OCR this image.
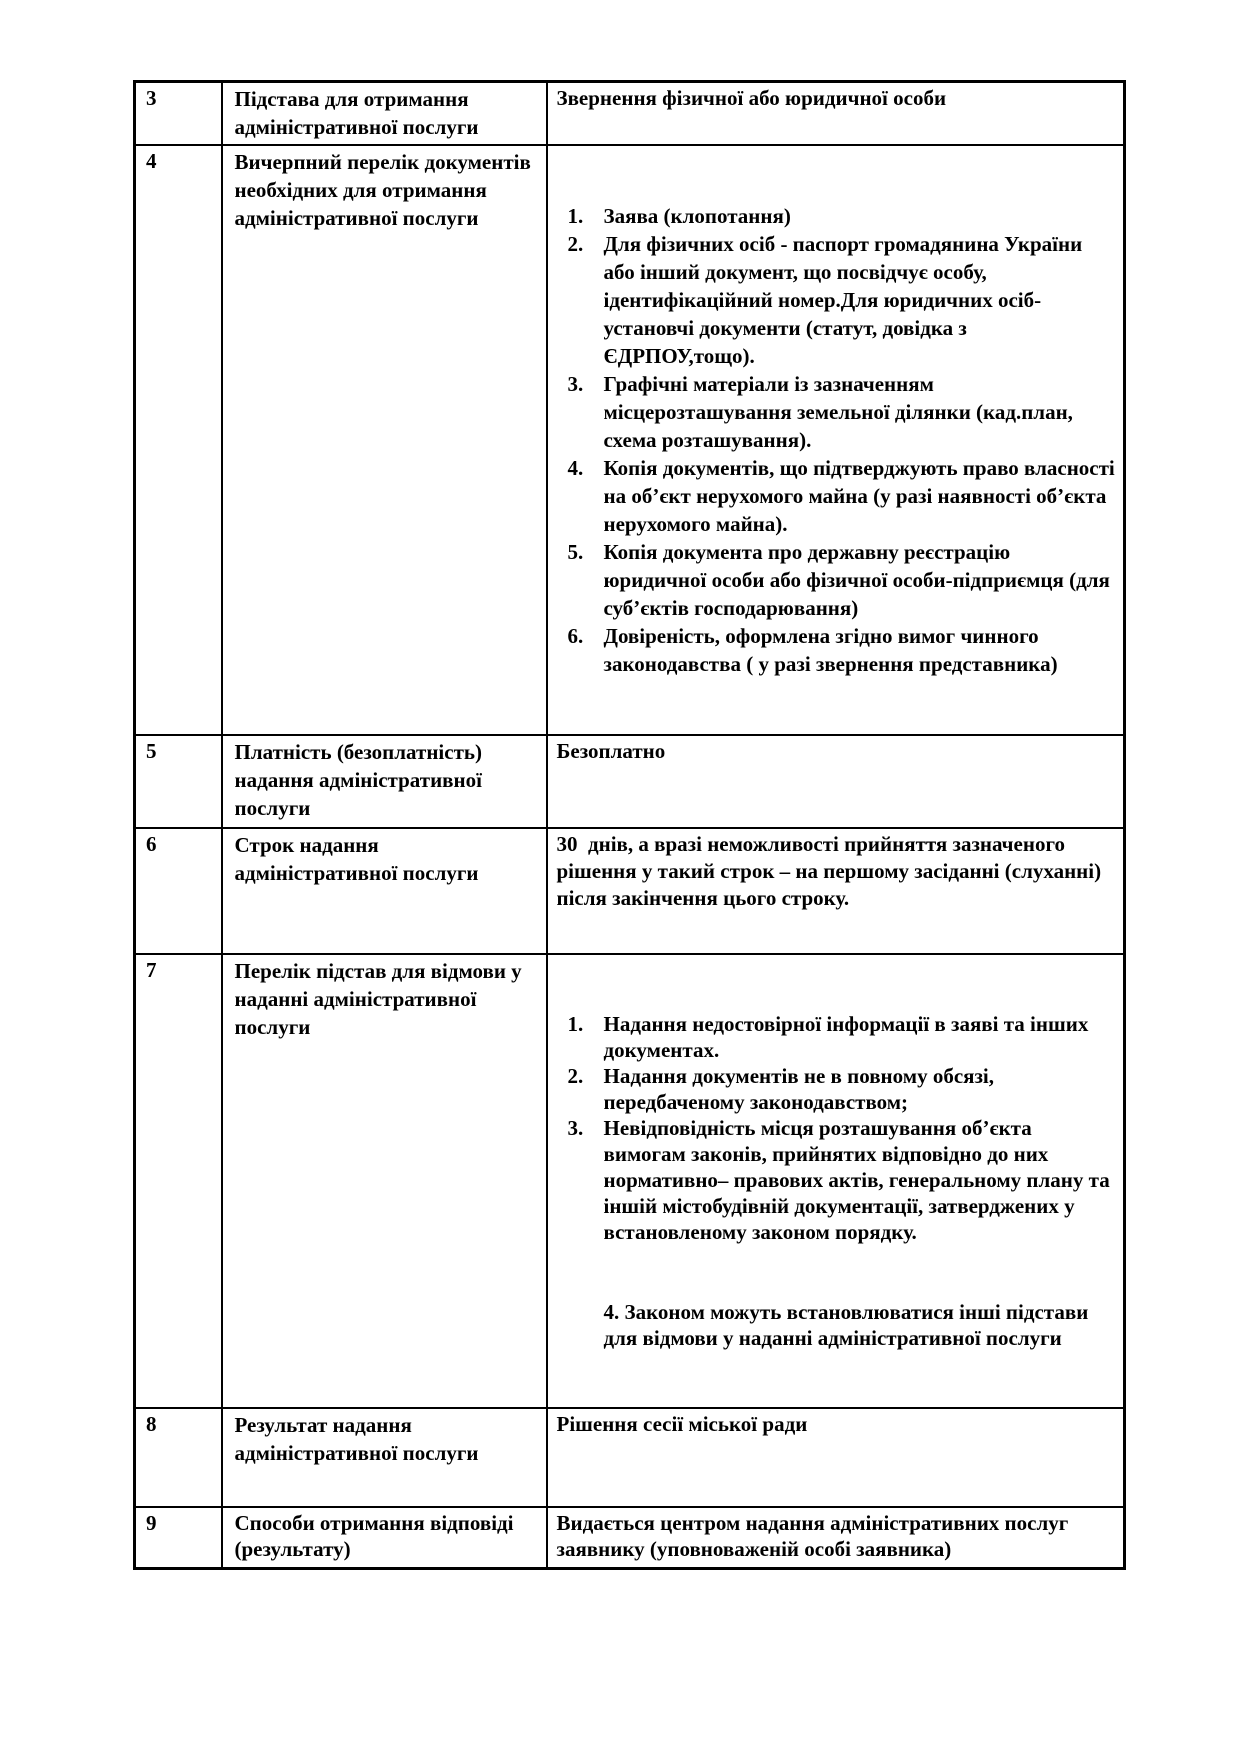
3	Підстава для отримання адміністративної послуги	Звернення фізичної або юридичної особи
4	Вичерпний перелік документів необхідних для отримання адміністративної послуги	Заява (клопотання)
Для фізичних осіб - паспорт громадянина України або інший документ, що посвідчує особу, ідентифікаційний номер.Для юридичних осіб-установчі документи (статут, довідка з ЄДРПОУ,тощо).
Графічні матеріали із зазначенням місцерозташування земельної ділянки (кад.план, схема розташування).
Копія документів, що підтверджують право власності на об’єкт нерухомого майна (у разі наявності об’єкта нерухомого майна).
Копія документа про державну реєстрацію юридичної особи або фізичної особи-підприємця (для суб’єктів господарювання)
Довіреність, оформлена згідно вимог чинного законодавства ( у разі звернення представника)

5	Платність (безоплатність) надання адміністративної послуги	Безоплатно
6	Строк надання адміністративної послуги	30  днів, а вразі неможливості прийняття зазначеного рішення у такий строк – на першому засіданні (слуханні) після закінчення цього строку.
7	Перелік підстав для відмови у наданні адміністративної послуги	Надання недостовірної інформації в заяві та інших документах.
Надання документів не в повному обсязі, передбаченому законодавством;
Невідповідність місця розташування об’єкта вимогам законів, прийнятих відповідно до них нормативно– правових актів, генеральному плану та іншій містобудівній документації, затверджених у встановленому законом порядку.

4. Законом можуть встановлюватися інші підстави для відмови у наданні адміністративної послуги

8	Результат надання адміністративної послуги	Рішення сесії міської ради
9	Способи отримання відповіді (результату)	Видається центром надання адміністративних послуг заявнику (уповноваженій особі заявника)
